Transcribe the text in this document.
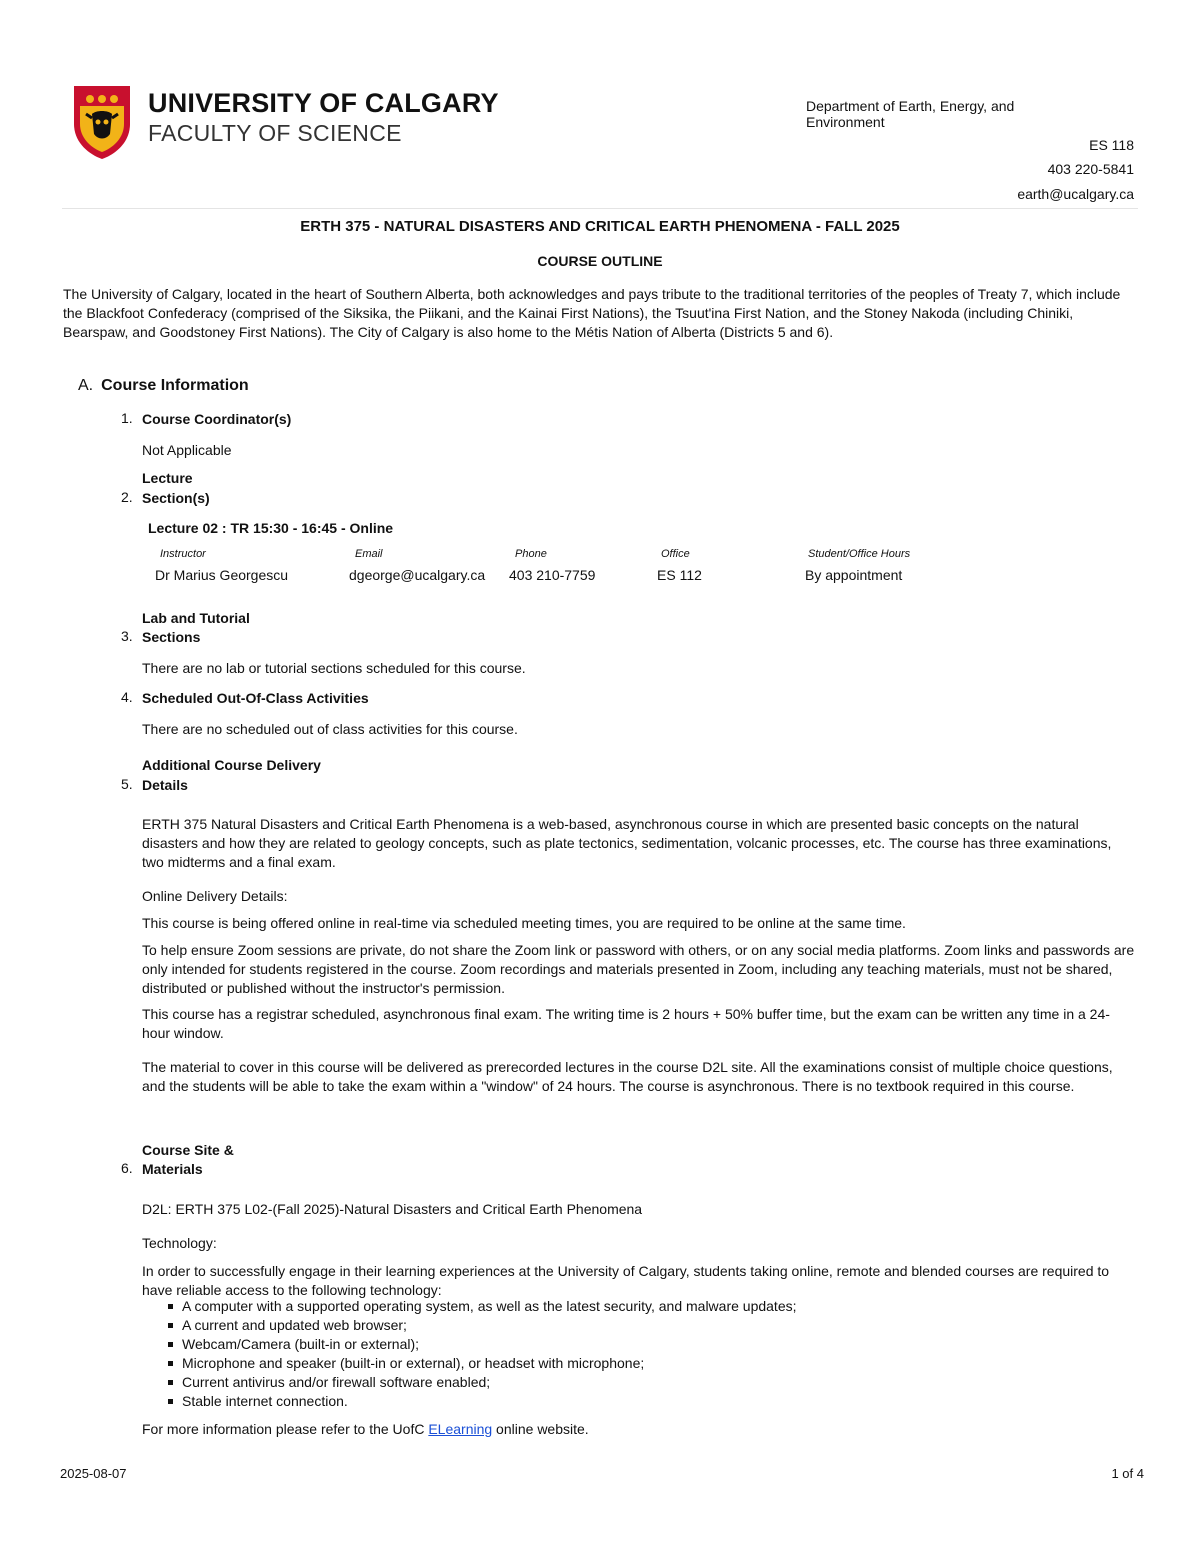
UNIVERSITY OF CALGARY
FACULTY OF SCIENCE
Department of Earth, Energy, and Environment
ES 118
403 220-5841
earth@ucalgary.ca
ERTH 375 - NATURAL DISASTERS AND CRITICAL EARTH PHENOMENA - FALL 2025
COURSE OUTLINE
The University of Calgary, located in the heart of Southern Alberta, both acknowledges and pays tribute to the traditional territories of the peoples of Treaty 7, which include the Blackfoot Confederacy (comprised of the Siksika, the Piikani, and the Kainai First Nations), the Tsuut'ina First Nation, and the Stoney Nakoda (including Chiniki, Bearspaw, and Goodstoney First Nations). The City of Calgary is also home to the Métis Nation of Alberta (Districts 5 and 6).
A. Course Information
1. Course Coordinator(s)
Not Applicable
Lecture
2. Section(s)
Lecture 02 : TR 15:30 - 16:45 - Online
Instructor	Email	Phone	Office	Student/Office Hours
Dr Marius Georgescu	dgeorge@ucalgary.ca 403 210-7759	ES 112	By appointment
Lab and Tutorial
3. Sections
There are no lab or tutorial sections scheduled for this course.
4. Scheduled Out-Of-Class Activities
There are no scheduled out of class activities for this course.
Additional Course Delivery
5. Details
ERTH 375 Natural Disasters and Critical Earth Phenomena is a web-based, asynchronous course in which are presented basic concepts on the natural disasters and how they are related to geology concepts, such as plate tectonics, sedimentation, volcanic processes, etc. The course has three examinations, two midterms and a final exam.
Online Delivery Details:
This course is being offered online in real-time via scheduled meeting times, you are required to be online at the same time.
To help ensure Zoom sessions are private, do not share the Zoom link or password with others, or on any social media platforms. Zoom links and passwords are only intended for students registered in the course. Zoom recordings and materials presented in Zoom, including any teaching materials, must not be shared, distributed or published without the instructor's permission.
This course has a registrar scheduled, asynchronous final exam. The writing time is 2 hours + 50% buffer time, but the exam can be written any time in a 24-hour window.
The material to cover in this course will be delivered as prerecorded lectures in the course D2L site. All the examinations consist of multiple choice questions, and the students will be able to take the exam within a "window" of 24 hours. The course is asynchronous. There is no textbook required in this course.
Course Site &
6. Materials
D2L: ERTH 375 L02-(Fall 2025)-Natural Disasters and Critical Earth Phenomena
Technology:
In order to successfully engage in their learning experiences at the University of Calgary, students taking online, remote and blended courses are required to have reliable access to the following technology:
A computer with a supported operating system, as well as the latest security, and malware updates;
A current and updated web browser;
Webcam/Camera (built-in or external);
Microphone and speaker (built-in or external), or headset with microphone;
Current antivirus and/or firewall software enabled;
Stable internet connection.
For more information please refer to the UofC ELearning online website.
2025-08-07	1 of 4
